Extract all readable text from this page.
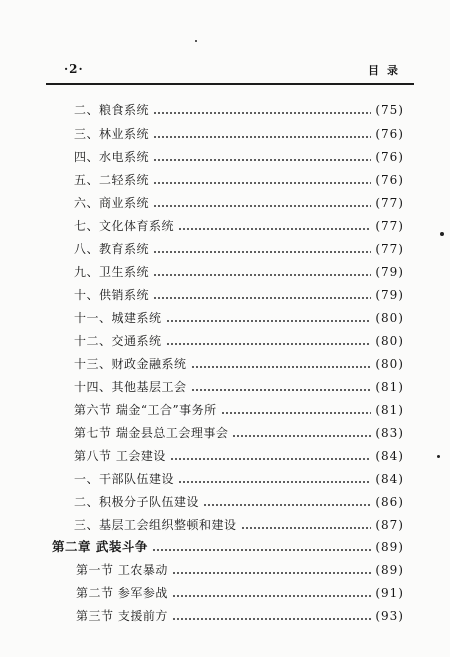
·2·	目录
二、粮食系统	(75)
三、林业系统	(76)
四、水电系统	(76)
五、二轻系统	(76)
六、商业系统	(77)
七、文化体育系统	(77)
八、教育系统	(77)
九、卫生系统	(79)
十、供销系统	(79)
十一、城建系统	(80)
十二、交通系统	(80)
十三、财政金融系统	(80)
十四、其他基层工会	(81)
第六节 瑞金“工合”事务所	(81)
第七节 瑞金县总工会理事会	(83)
第八节 工会建设	(84)
一、干部队伍建设	(84)
二、积极分子队伍建设	(86)
三、基层工会组织整顿和建设	(87)
第二章 武装斗争	(89)
第一节 工农暴动	(89)
第二节 参军参战	(91)
第三节 支援前方	(93)
